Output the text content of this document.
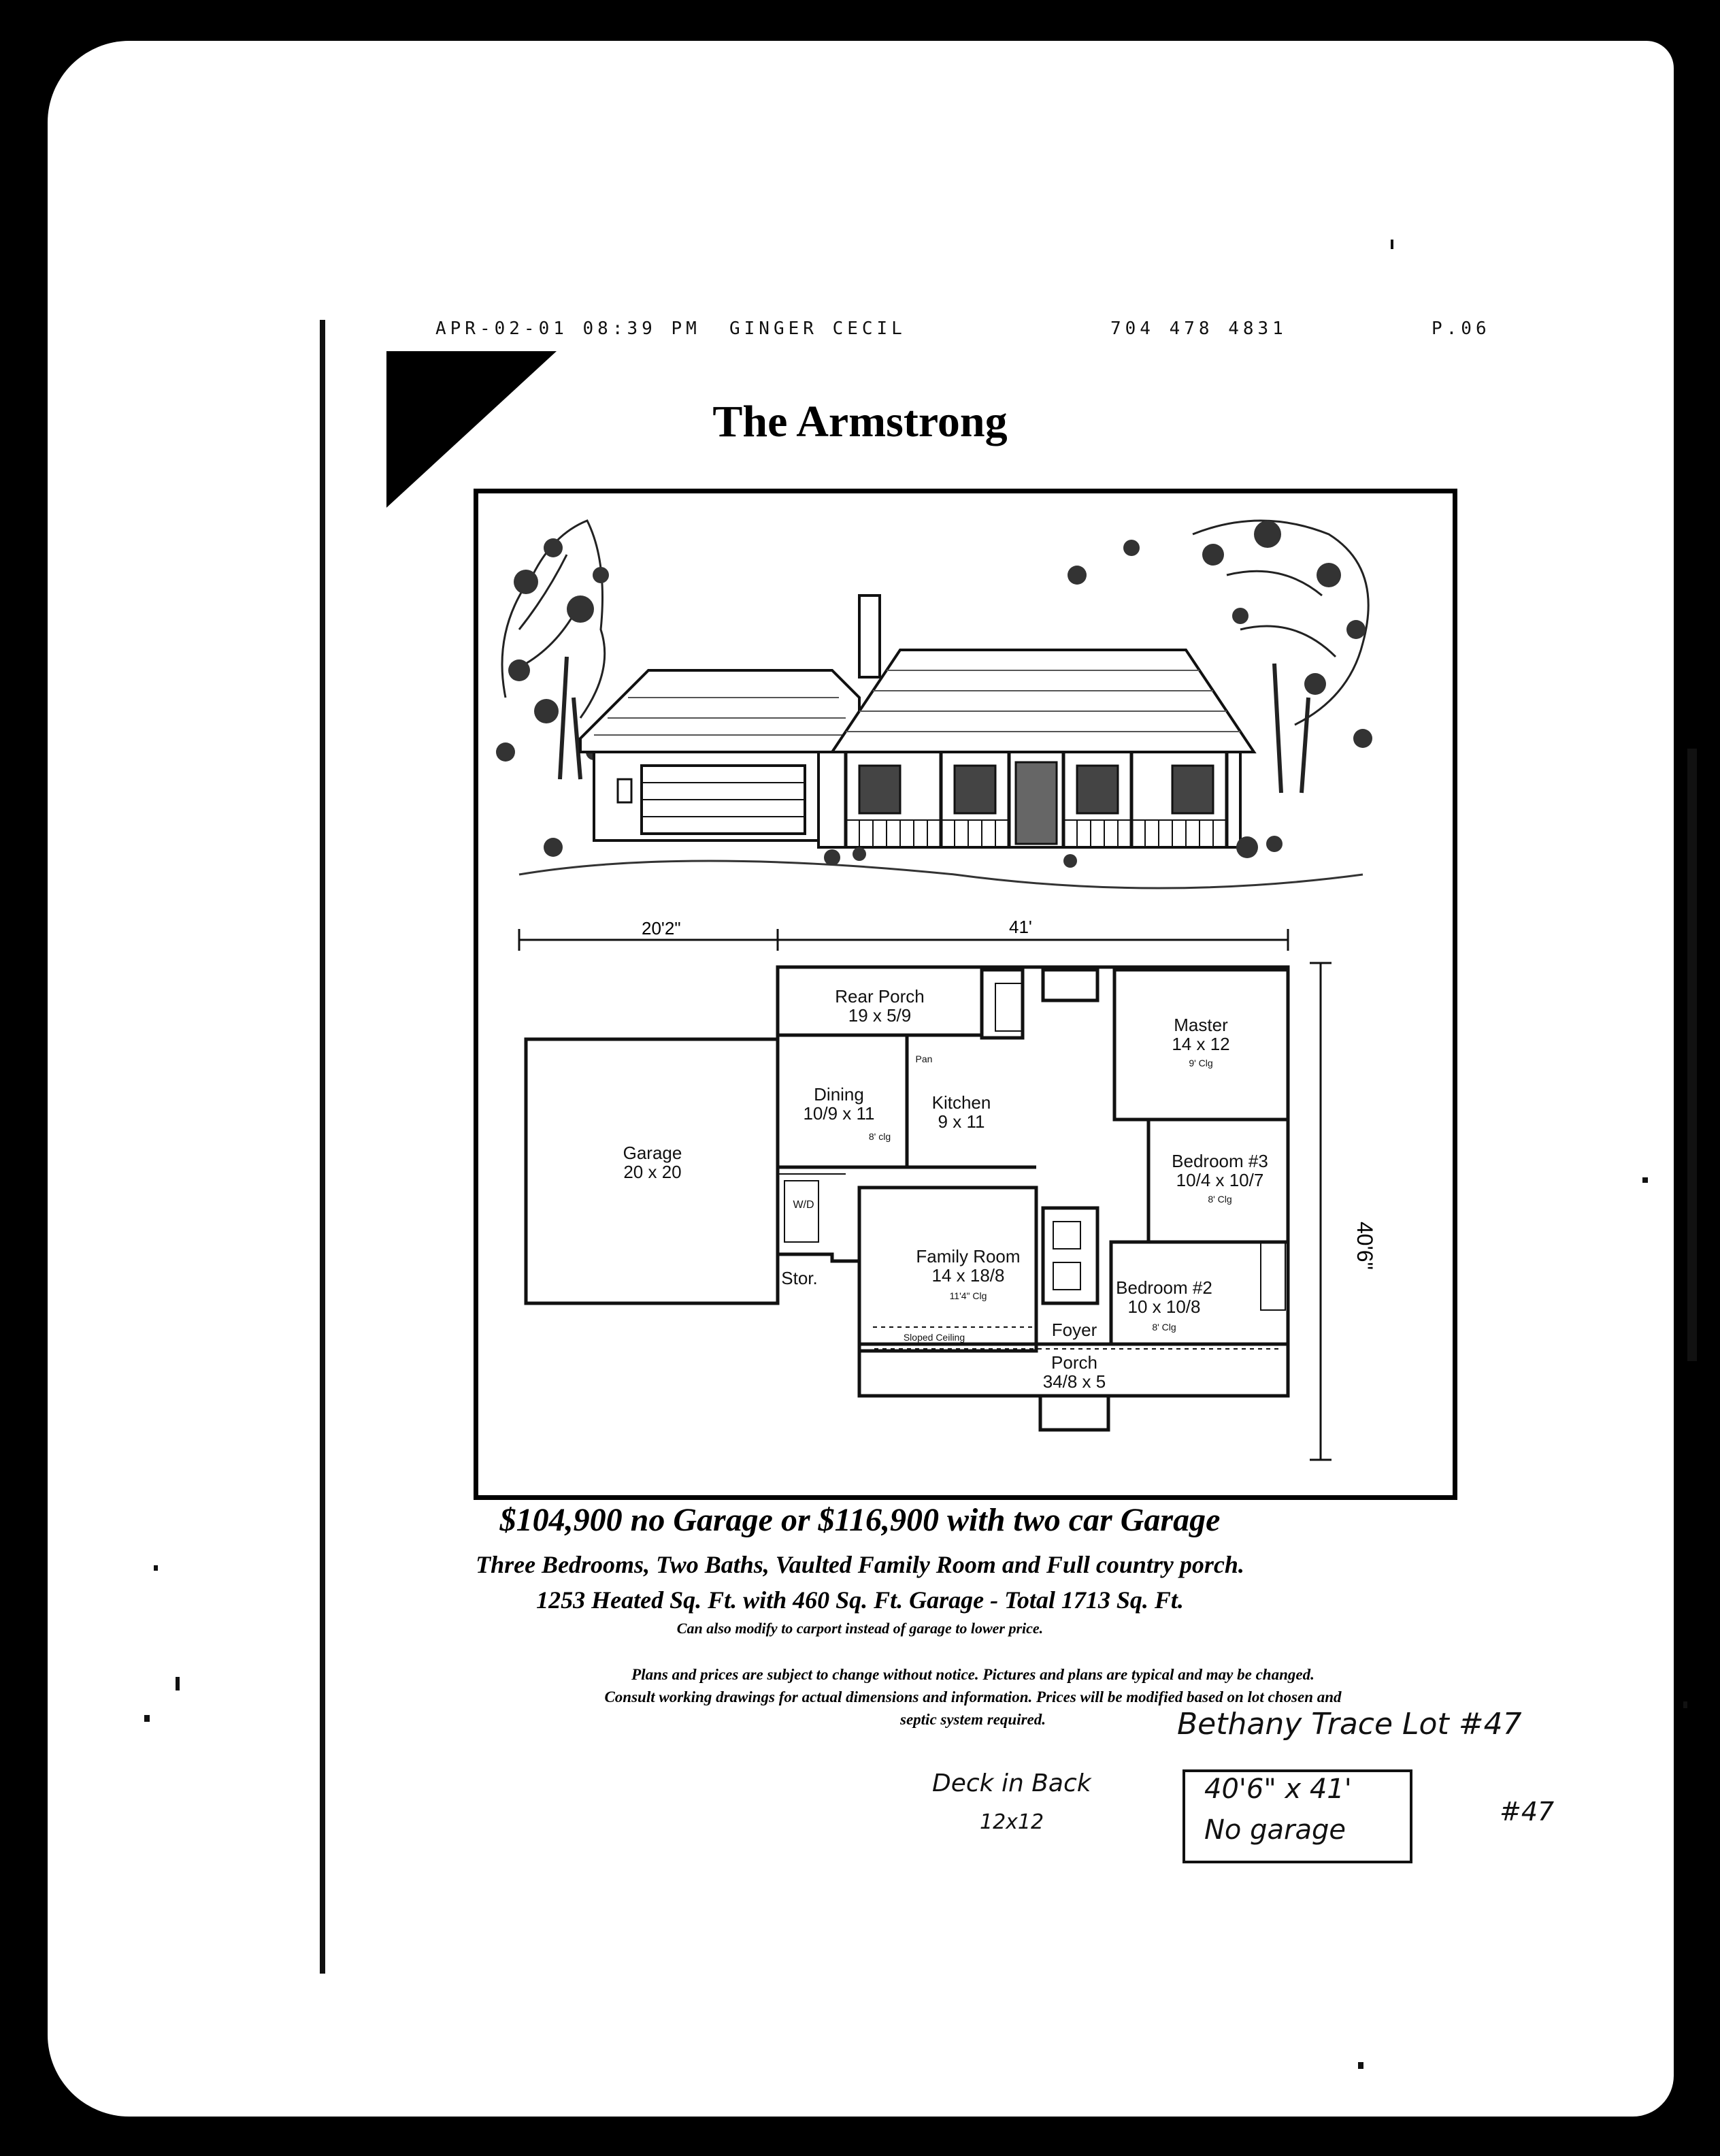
APR-02-01 08:39 PM GINGER CECIL	704 478 4831	P.06
The Armstrong
20'2"	41'
40'6"
Rear Porch
19 x 5/9	Master
14 x 12
9' Clg
Garage
20 x 20
Dining
10/9 x 11
8' clg
Kitchen
9 x 11
Pan
Bedroom #3
10/4 x 10/7
8' Clg
Family Room
14 x 18/8
11'4" Clg
Sloped Ceiling
Bedroom #2
10 x 10/8
8' Clg
Porch
34/8 x 5
Stor.
Foyer
W/D
$104,900 no Garage or $116,900 with two car Garage
Three Bedrooms, Two Baths, Vaulted Family Room and Full country porch.
1253 Heated Sq. Ft. with 460 Sq. Ft. Garage - Total 1713 Sq. Ft.
Can also modify to carport instead of garage to lower price.
Plans and prices are subject to change without notice. Pictures and plans are typical and may be changed.
Consult working drawings for actual dimensions and information. Prices will be modified based on lot chosen and
septic system required.	Bethany Trace Lot #47
Deck in Back
12x12
40'6" x 41'
No garage
#47
